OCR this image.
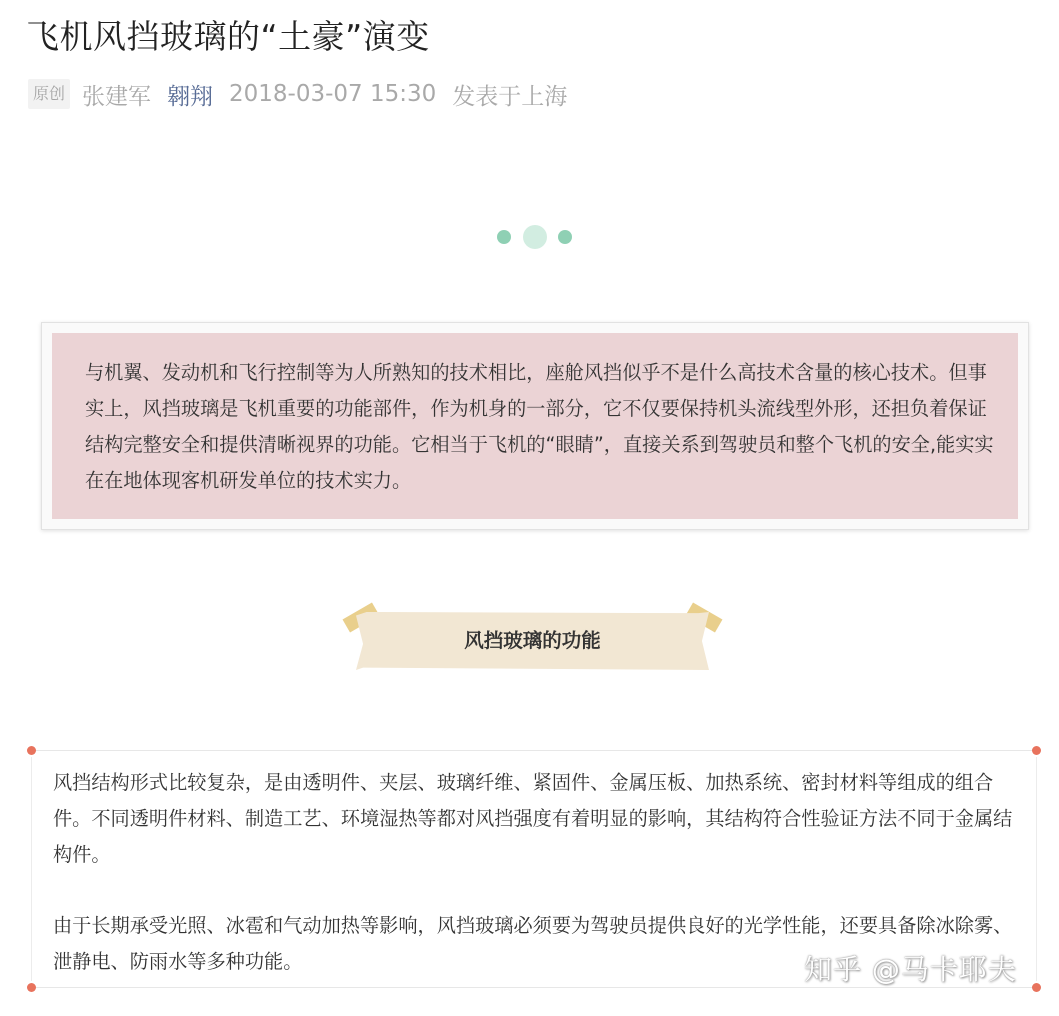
飞机风挡玻璃的“土豪”演变
原创 张建军 翱翔 2018-03-07 15:30 发表于上海

与机翼、发动机和飞行控制等为人所熟知的技术相比，座舱风挡似乎不是什么高技术含量的核心技术。但事实上，风挡玻璃是飞机重要的功能部件，作为机身的一部分，它不仅要保持机头流线型外形，还担负着保证结构完整安全和提供清晰视界的功能。它相当于飞机的“眼睛”，直接关系到驾驶员和整个飞机的安全,能实实在在地体现客机研发单位的技术实力。

风挡玻璃的功能

风挡结构形式比较复杂，是由透明件、夹层、玻璃纤维、紧固件、金属压板、加热系统、密封材料等组成的组合件。不同透明件材料、制造工艺、环境湿热等都对风挡强度有着明显的影响，其结构符合性验证方法不同于金属结构件。

由于长期承受光照、冰雹和气动加热等影响，风挡玻璃必须要为驾驶员提供良好的光学性能，还要具备除冰除雾、泄静电、防雨水等多种功能。	知乎 @马卡耶夫
